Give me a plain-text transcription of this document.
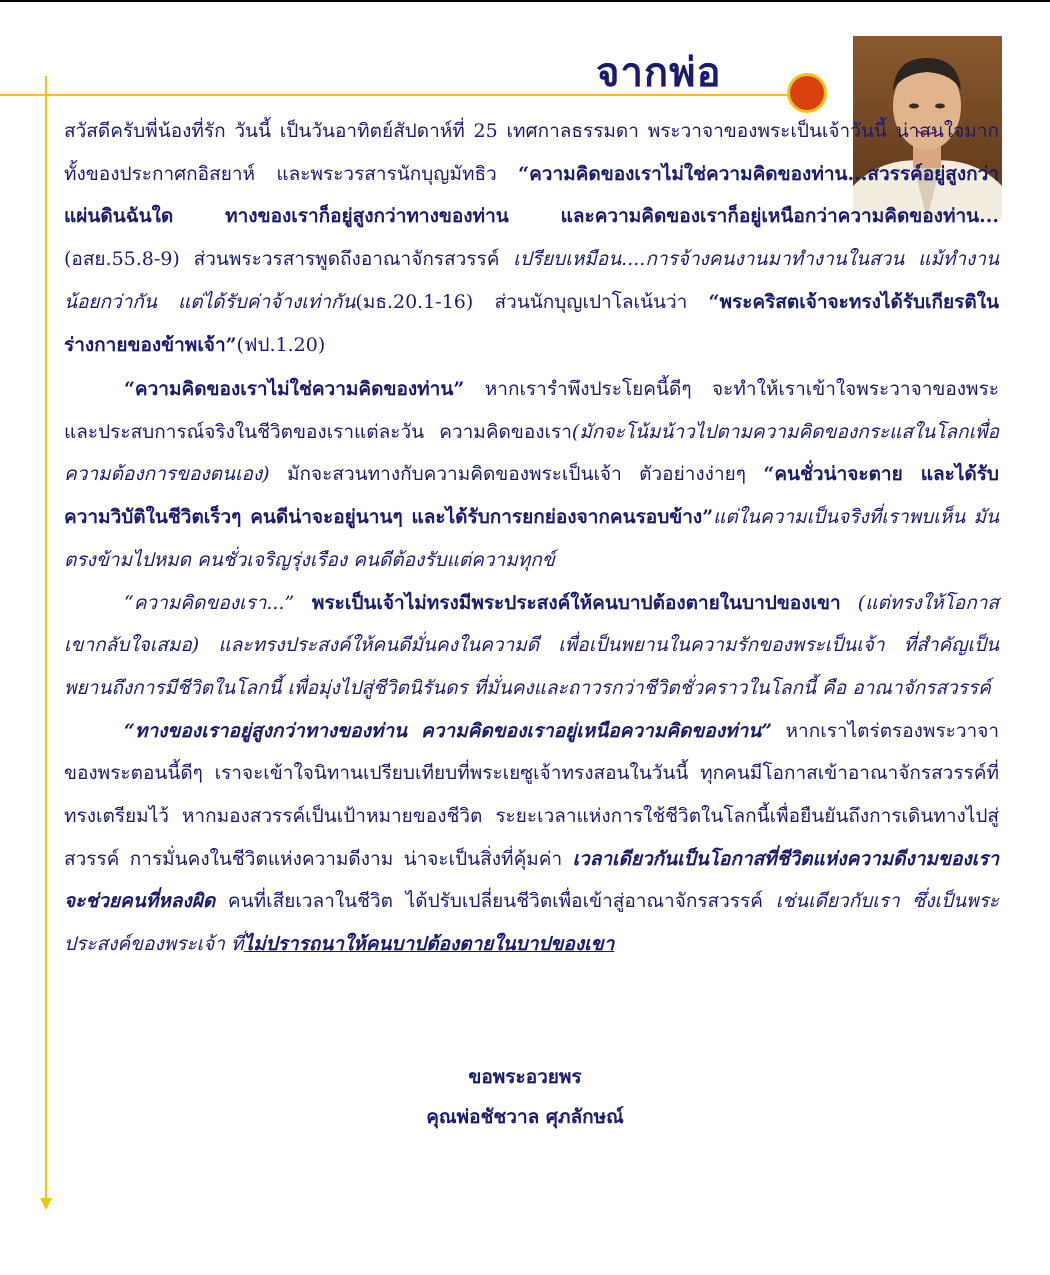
จากพ่อ

สวัสดีครับพี่น้องที่รัก วันนี้ เป็นวันอาทิตย์สัปดาห์ที่ 25 เทศกาลธรรมดา พระวาจาของพระเป็นเจ้าวันนี้ น่าสนใจมาก ทั้งของประกาศกอิสยาห์ และพระวรสารนักบุญมัทธิว “ความคิดของเราไม่ใช่ความคิดของท่าน...สวรรค์อยู่สูงกว่าแผ่นดินฉันใด ทางของเราก็อยู่สูงกว่าทางของท่าน และความคิดของเราก็อยู่เหนือกว่าความคิดของท่าน...(อสย.55.8-9) ส่วนพระวรสารพูดถึงอาณาจักรสวรรค์ เปรียบเหมือน....การจ้างคนงานมาทำงานในสวน แม้ทำงานน้อยกว่ากัน แต่ได้รับค่าจ้างเท่ากัน(มธ.20.1-16) ส่วนนักบุญเปาโลเน้นว่า “พระคริสตเจ้าจะทรงได้รับเกียรติในร่างกายของข้าพเจ้า”(ฟป.1.20)

“ความคิดของเราไม่ใช่ความคิดของท่าน” หากเรารำพึงประโยคนี้ดีๆ จะทำให้เราเข้าใจพระวาจาของพระและประสบการณ์จริงในชีวิตของเราแต่ละวัน ความคิดของเรา(มักจะโน้มน้าวไปตามความคิดของกระแสในโลกเพื่อความต้องการของตนเอง) มักจะสวนทางกับความคิดของพระเป็นเจ้า ตัวอย่างง่ายๆ “คนชั่วน่าจะตาย และได้รับความวิบัติในชีวิตเร็วๆ คนดีน่าจะอยู่นานๆ และได้รับการยกย่องจากคนรอบข้าง”แต่ในความเป็นจริงที่เราพบเห็น มันตรงข้ามไปหมด คนชั่วเจริญรุ่งเรือง คนดีต้องรับแต่ความทุกข์

“ความคิดของเรา...” พระเป็นเจ้าไม่ทรงมีพระประสงค์ให้คนบาปต้องตายในบาปของเขา (แต่ทรงให้โอกาสเขากลับใจเสมอ) และทรงประสงค์ให้คนดีมั่นคงในความดี เพื่อเป็นพยานในความรักของพระเป็นเจ้า ที่สำคัญเป็นพยานถึงการมีชีวิตในโลกนี้ เพื่อมุ่งไปสู่ชีวิตนิรันดร ที่มั่นคงและถาวรกว่าชีวิตชั่วคราวในโลกนี้ คือ อาณาจักรสวรรค์

“ทางของเราอยู่สูงกว่าทางของท่าน ความคิดของเราอยู่เหนือความคิดของท่าน” หากเราไตร่ตรองพระวาจาของพระตอนนี้ดีๆ เราจะเข้าใจนิทานเปรียบเทียบที่พระเยซูเจ้าทรงสอนในวันนี้ ทุกคนมีโอกาสเข้าอาณาจักรสวรรค์ที่ทรงเตรียมไว้ หากมองสวรรค์เป็นเป้าหมายของชีวิต ระยะเวลาแห่งการใช้ชีวิตในโลกนี้เพื่อยืนยันถึงการเดินทางไปสู่สวรรค์ การมั่นคงในชีวิตแห่งความดีงาม น่าจะเป็นสิ่งที่คุ้มค่า เวลาเดียวกันเป็นโอกาสที่ชีวิตแห่งความดีงามของเรา จะช่วยคนที่หลงผิด คนที่เสียเวลาในชีวิต ได้ปรับเปลี่ยนชีวิตเพื่อเข้าสู่อาณาจักรสวรรค์ เช่นเดียวกับเรา ซึ่งเป็นพระประสงค์ของพระเจ้า ที่ไม่ปรารถนาให้คนบาปต้องตายในบาปของเขา

ขอพระอวยพร
คุณพ่อชัชวาล ศุภลักษณ์
